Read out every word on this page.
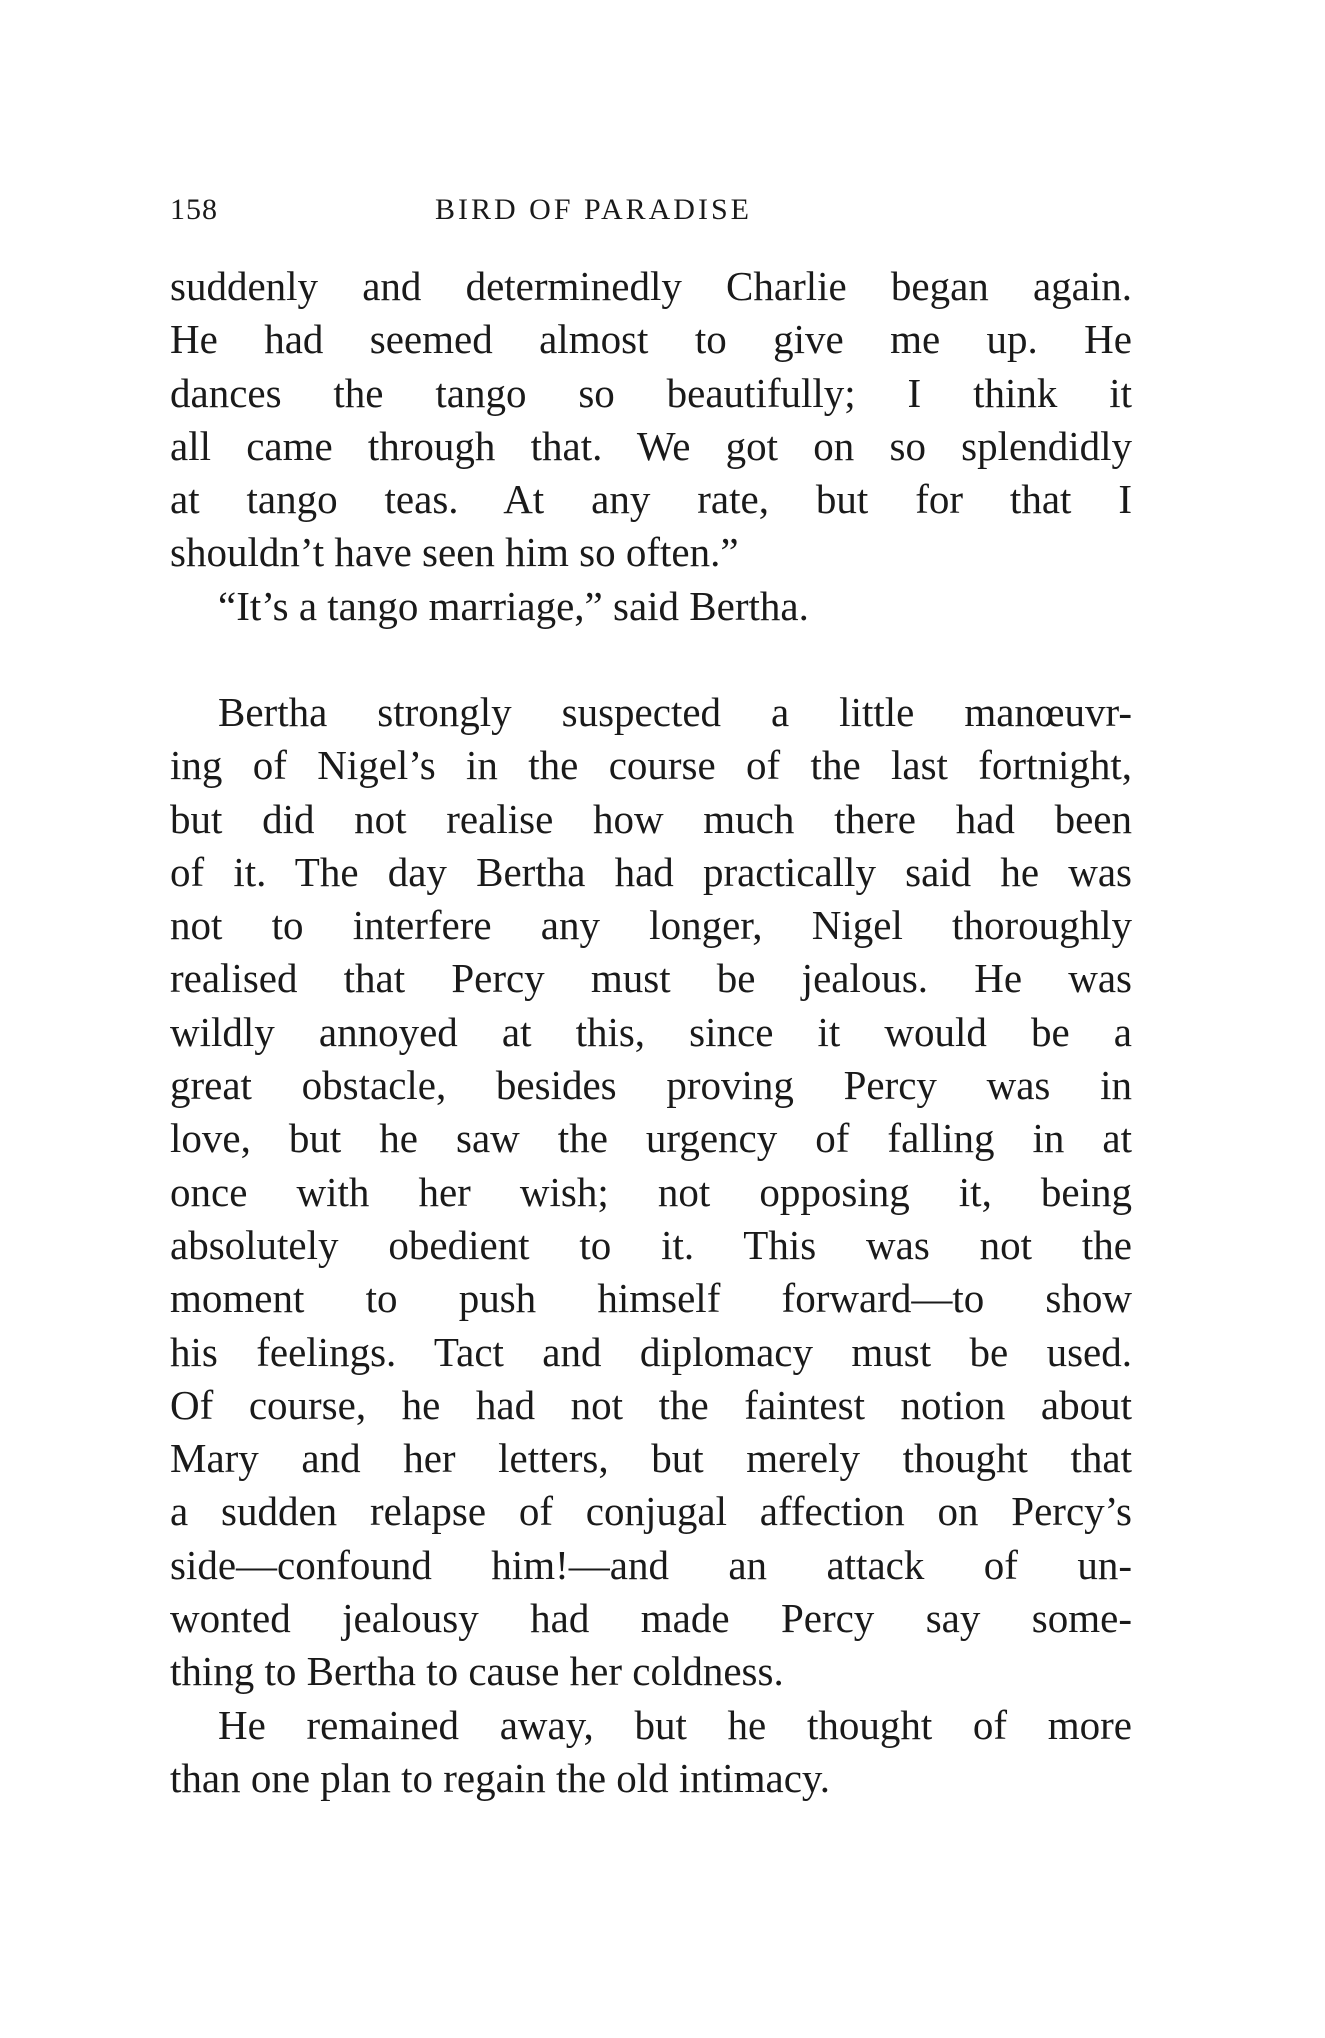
158	BIRD OF PARADISE
suddenly and determinedly Charlie began again.
He had seemed almost to give me up. He
dances the tango so beautifully; I think it
all came through that. We got on so splendidly
at tango teas. At any rate, but for that I
shouldn’t have seen him so often.”
“It’s a tango marriage,” said Bertha.
Bertha strongly suspected a little manœuvr-
ing of Nigel’s in the course of the last fortnight,
but did not realise how much there had been
of it. The day Bertha had practically said he was
not to interfere any longer, Nigel thoroughly
realised that Percy must be jealous. He was
wildly annoyed at this, since it would be a
great obstacle, besides proving Percy was in
love, but he saw the urgency of falling in at
once with her wish; not opposing it, being
absolutely obedient to it. This was not the
moment to push himself forward—to show
his feelings. Tact and diplomacy must be used.
Of course, he had not the faintest notion about
Mary and her letters, but merely thought that
a sudden relapse of conjugal affection on Percy’s
side—confound him!—and an attack of un-
wonted jealousy had made Percy say some-
thing to Bertha to cause her coldness.
He remained away, but he thought of more
than one plan to regain the old intimacy.
